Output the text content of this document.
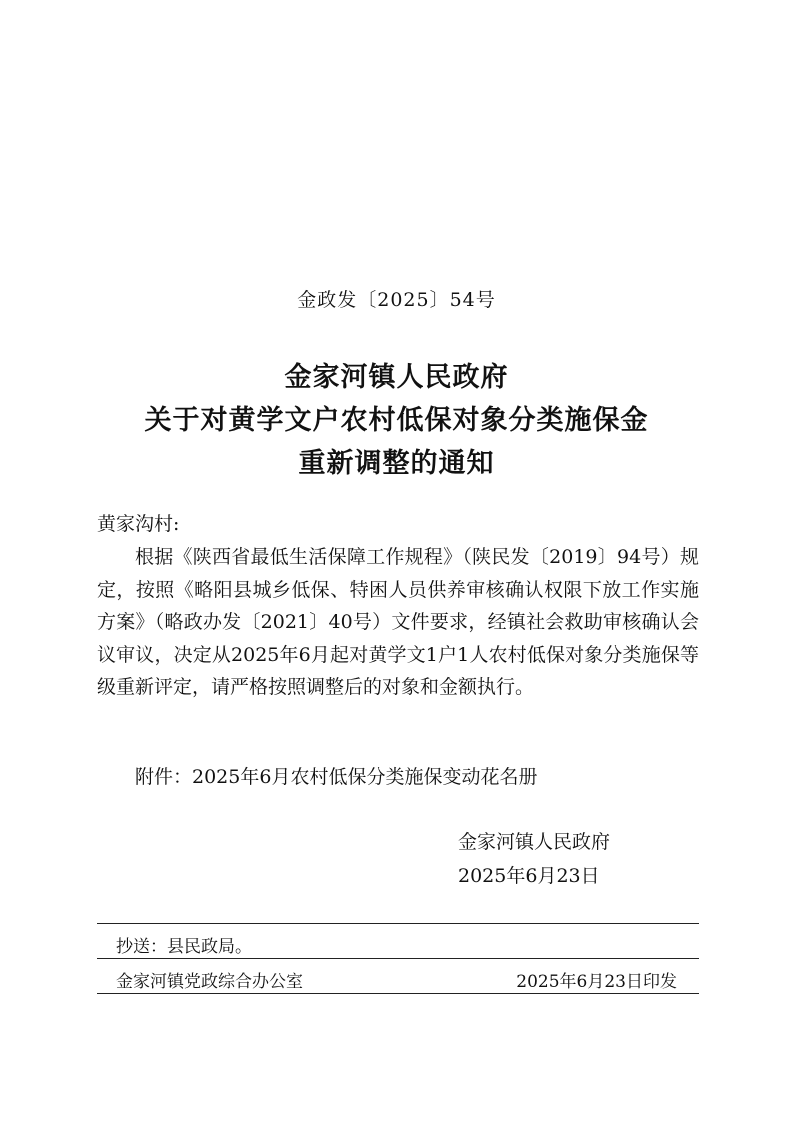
金政发〔2025〕54号
金家河镇人民政府
关于对黄学文户农村低保对象分类施保金
重新调整的通知
黄家沟村:
根据《陕西省最低生活保障工作规程》（陕民发〔2019〕94号）规定，按照《略阳县城乡低保、特困人员供养审核确认权限下放工作实施方案》（略政办发〔2021〕40号）文件要求，经镇社会救助审核确认会议审议，决定从2025年6月起对黄学文1户1人农村低保对象分类施保等级重新评定，请严格按照调整后的对象和金额执行。
附件：2025年6月农村低保分类施保变动花名册
金家河镇人民政府
2025年6月23日
抄送：县民政局。
金家河镇党政综合办公室	2025年6月23日印发
